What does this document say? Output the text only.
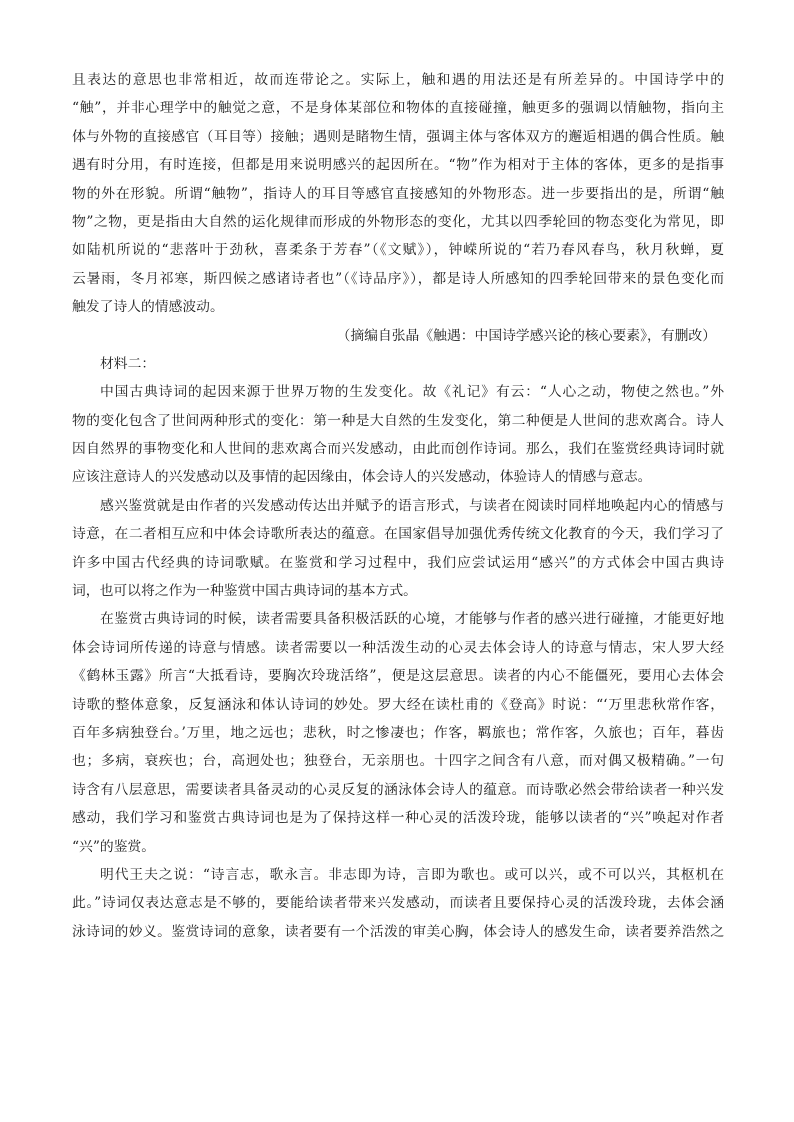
且表达的意思也非常相近，故而连带论之。实际上，触和遇的用法还是有所差异的。中国诗学中的
“触”，并非心理学中的触觉之意，不是身体某部位和物体的直接碰撞，触更多的强调以情触物，指向主
体与外物的直接感官（耳目等）接触；遇则是睹物生情，强调主体与客体双方的邂逅相遇的偶合性质。触
遇有时分用，有时连接，但都是用来说明感兴的起因所在。“物”作为相对于主体的客体，更多的是指事
物的外在形貌。所谓“触物”，指诗人的耳目等感官直接感知的外物形态。进一步要指出的是，所谓“触
物”之物，更是指由大自然的运化规律而形成的外物形态的变化，尤其以四季轮回的物态变化为常见，即
如陆机所说的“悲落叶于劲秋，喜柔条于芳春”（《文赋》），钟嵘所说的“若乃春风春鸟，秋月秋蝉，夏
云暑雨，冬月祁寒，斯四候之感诸诗者也”（《诗品序》），都是诗人所感知的四季轮回带来的景色变化而
触发了诗人的情感波动。
（摘编自张晶《触遇：中国诗学感兴论的核心要素》，有删改）
材料二：
中国古典诗词的起因来源于世界万物的生发变化。故《礼记》有云：“人心之动，物使之然也。”外
物的变化包含了世间两种形式的变化：第一种是大自然的生发变化，第二种便是人世间的悲欢离合。诗人
因自然界的事物变化和人世间的悲欢离合而兴发感动，由此而创作诗词。那么，我们在鉴赏经典诗词时就
应该注意诗人的兴发感动以及事情的起因缘由，体会诗人的兴发感动，体验诗人的情感与意志。
感兴鉴赏就是由作者的兴发感动传达出并赋予的语言形式，与读者在阅读时同样地唤起内心的情感与
诗意，在二者相互应和中体会诗歌所表达的蕴意。在国家倡导加强优秀传统文化教育的今天，我们学习了
许多中国古代经典的诗词歌赋。在鉴赏和学习过程中，我们应尝试运用“感兴”的方式体会中国古典诗
词，也可以将之作为一种鉴赏中国古典诗词的基本方式。
在鉴赏古典诗词的时候，读者需要具备积极活跃的心境，才能够与作者的感兴进行碰撞，才能更好地
体会诗词所传递的诗意与情感。读者需要以一种活泼生动的心灵去体会诗人的诗意与情志，宋人罗大经
《鹤林玉露》所言“大抵看诗，要胸次玲珑活络”，便是这层意思。读者的内心不能僵死，要用心去体会
诗歌的整体意象，反复涵泳和体认诗词的妙处。罗大经在读杜甫的《登高》时说：“‘万里悲秋常作客，
百年多病独登台。’万里，地之远也；悲秋，时之惨凄也；作客，羁旅也；常作客，久旅也；百年，暮齿
也；多病，衰疾也；台，高迥处也；独登台，无亲朋也。十四字之间含有八意，而对偶又极精确。”一句
诗含有八层意思，需要读者具备灵动的心灵反复的涵泳体会诗人的蕴意。而诗歌必然会带给读者一种兴发
感动，我们学习和鉴赏古典诗词也是为了保持这样一种心灵的活泼玲珑，能够以读者的“兴”唤起对作者
“兴”的鉴赏。
明代王夫之说：“诗言志，歌永言。非志即为诗，言即为歌也。或可以兴，或不可以兴，其枢机在
此。”诗词仅表达意志是不够的，要能给读者带来兴发感动，而读者且要保持心灵的活泼玲珑，去体会涵
泳诗词的妙义。鉴赏诗词的意象，读者要有一个活泼的审美心胸，体会诗人的感发生命，读者要养浩然之
